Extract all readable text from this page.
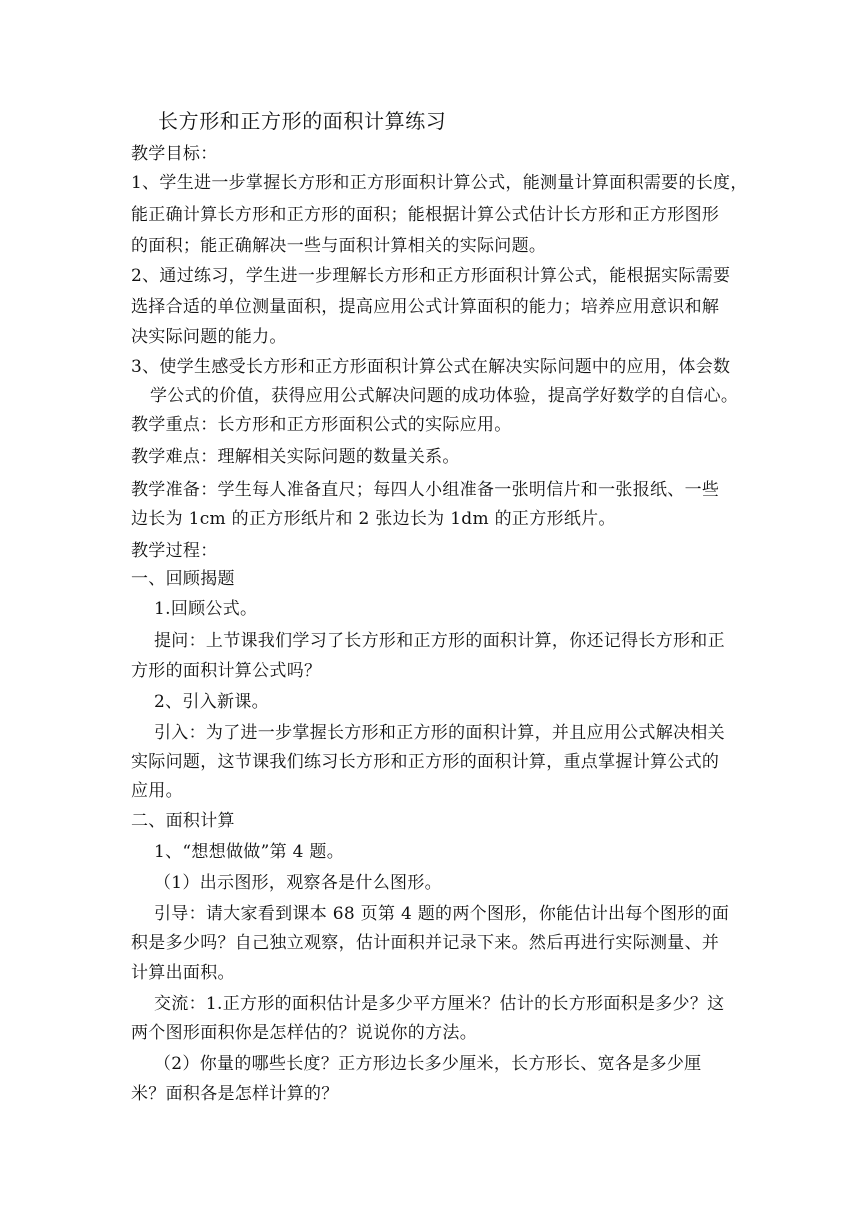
长方形和正方形的面积计算练习
教学目标：
1、学生进一步掌握长方形和正方形面积计算公式，能测量计算面积需要的长度，
能正确计算长方形和正方形的面积；能根据计算公式估计长方形和正方形图形
的面积；能正确解决一些与面积计算相关的实际问题。
2、通过练习，学生进一步理解长方形和正方形面积计算公式，能根据实际需要
选择合适的单位测量面积，提高应用公式计算面积的能力；培养应用意识和解
决实际问题的能力。
3、使学生感受长方形和正方形面积计算公式在解决实际问题中的应用，体会数
学公式的价值，获得应用公式解决问题的成功体验，提高学好数学的自信心。
教学重点：长方形和正方形面积公式的实际应用。
教学难点：理解相关实际问题的数量关系。
教学准备：学生每人准备直尺；每四人小组准备一张明信片和一张报纸、一些
边长为 1cm 的正方形纸片和 2 张边长为 1dm 的正方形纸片。
教学过程：
一、回顾揭题
1.回顾公式。
提问：上节课我们学习了长方形和正方形的面积计算，你还记得长方形和正
方形的面积计算公式吗？
2、引入新课。
引入：为了进一步掌握长方形和正方形的面积计算，并且应用公式解决相关
实际问题，这节课我们练习长方形和正方形的面积计算，重点掌握计算公式的
应用。
二、面积计算
1、“想想做做”第 4 题。
（1）出示图形，观察各是什么图形。
引导：请大家看到课本 68 页第 4 题的两个图形，你能估计出每个图形的面
积是多少吗？自己独立观察，估计面积并记录下来。然后再进行实际测量、并
计算出面积。
交流：1.正方形的面积估计是多少平方厘米？估计的长方形面积是多少？这
两个图形面积你是怎样估的？说说你的方法。
（2）你量的哪些长度？正方形边长多少厘米，长方形长、宽各是多少厘
米？面积各是怎样计算的？
